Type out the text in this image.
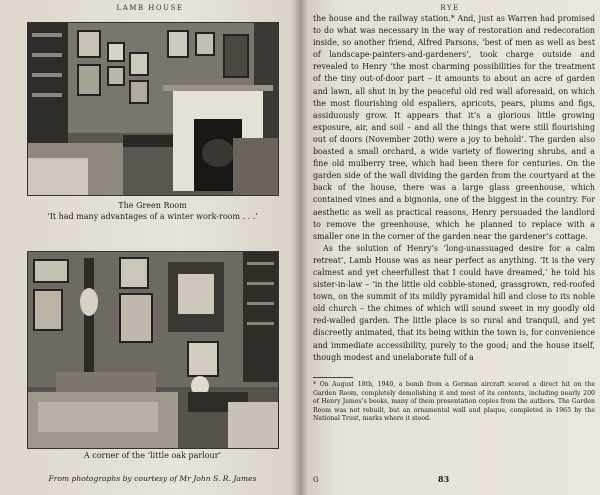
LAMB HOUSE	RYE
The Green Room
‘It had many advantages of a winter work-room . . .’
A corner of the ‘little oak parlour’
From photographs by courtesy of Mr John S. R. James

the house and the railway station.* And, just as Warren had promised to do what was necessary in the way of restoration and redecoration inside, so another friend, Alfred Parsons, ‘best of men as well as best of landscape-painters-and-gardeners’, took charge outside and revealed to Henry ‘the most charming possibilities for the treatment of the tiny out-of-door part – it amounts to about an acre of garden and lawn, all shut in by the peaceful old red wall aforesaid, on which the most flourishing old espaliers, apricots, pears, plums and figs, assiduously grow. It appears that it’s a glorious little growing exposure, air, and soil – and all the things that were still flourishing out of doors (November 20th) were a joy to behold’. The garden also boasted a small orchard, a wide variety of flowering shrubs, and a fine old mulberry tree, which had been there for centuries. On the garden side of the wall dividing the garden from the courtyard at the back of the house, there was a large glass greenhouse, which contained vines and a bignonia, one of the biggest in the country. For aesthetic as well as practical reasons, Henry persuaded the landlord to remove the greenhouse, which he planned to replace with a smaller one in the corner of the garden near the gardener’s cottage.

As the solution of Henry’s ‘long-unassuaged desire for a calm retreat’, Lamb House was as near perfect as anything. ‘It is the very calmest and yet cheerfullest that I could have dreamed,’ he told his sister-in-law – ‘in the little old cobble-stoned, grassgrown, red-roofed town, on the summit of its mildly pyramidal hill and close to its noble old church – the chimes of which will sound sweet in my goodly old red-walled garden. The little place is so rural and tranquil, and yet discreetly animated, that its being within the town is, for convenience and immediate accessibility, purely to the good; and the house itself, though modest and unelaborate full of a

* On August 18th, 1940, a bomb from a German aircraft scored a direct hit on the Garden Room, completely demolishing it and most of its contents, including nearly 200 of Henry James’s books, many of them presentation copies from the authors. The Garden Room was not rebuilt, but an ornamental wall and plaque, completed in 1965 by the National Trust, marks where it stood.
G	83
